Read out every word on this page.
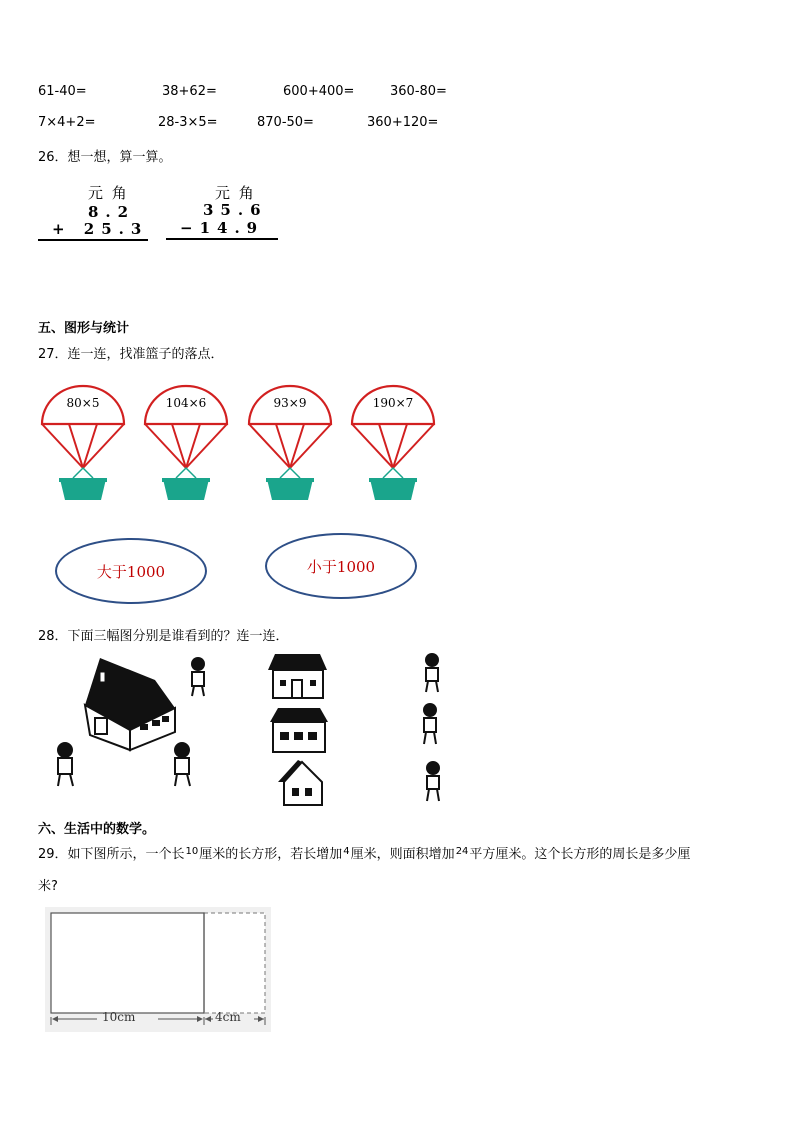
61-40=	38+62=	600+400=	360-80=
7×4+2=	28-3×5=	870-50=	360+120=
26．想一想，算一算。
元 角
8.2
+ 25.3
元 角
35.6
−14.9
五、图形与统计
27．连一连，找准篮子的落点．
80×5	104×6	93×9	190×7
大于1000	小于1000
28．下面三幅图分别是谁看到的？连一连．
六、生活中的数学。
29．如下图所示，一个长$^{10}$厘米的长方形，若长增加$^4$厘米，则面积增加$^{24}$平方厘米。这个长方形的周长是多少厘
米?
10cm	4cm
